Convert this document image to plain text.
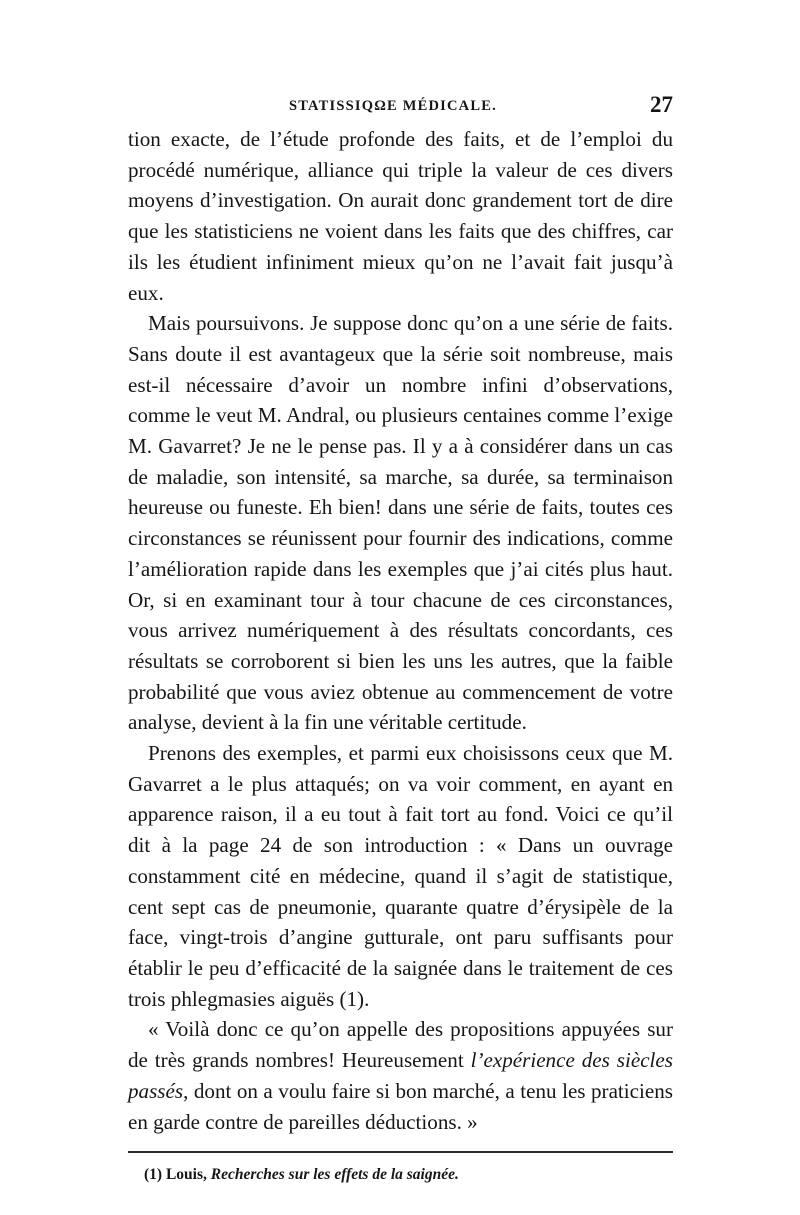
STATISSIQΩE MÉDICALE.	27

tion exacte, de l’étude profonde des faits, et de l’emploi du procédé numérique, alliance qui triple la valeur de ces divers moyens d’investigation. On aurait donc grandement tort de dire que les statisticiens ne voient dans les faits que des chiffres, car ils les étudient infiniment mieux qu’on ne l’avait fait jusqu’à eux.

Mais poursuivons. Je suppose donc qu’on a une série de faits. Sans doute il est avantageux que la série soit nombreuse, mais est-il nécessaire d’avoir un nombre infini d’observations, comme le veut M. Andral, ou plusieurs centaines comme l’exige M. Gavarret? Je ne le pense pas. Il y a à considérer dans un cas de maladie, son intensité, sa marche, sa durée, sa terminaison heureuse ou funeste. Eh bien! dans une série de faits, toutes ces circonstances se réunissent pour fournir des indications, comme l’amélioration rapide dans les exemples que j’ai cités plus haut. Or, si en examinant tour à tour chacune de ces circonstances, vous arrivez numériquement à des résultats concordants, ces résultats se corroborent si bien les uns les autres, que la faible probabilité que vous aviez obtenue au commencement de votre analyse, devient à la fin une véritable certitude.

Prenons des exemples, et parmi eux choisissons ceux que M. Gavarret a le plus attaqués; on va voir comment, en ayant en apparence raison, il a eu tout à fait tort au fond. Voici ce qu’il dit à la page 24 de son introduction : « Dans un ouvrage constamment cité en médecine, quand il s’agit de statistique, cent sept cas de pneumonie, quarante quatre d’érysipèle de la face, vingt-trois d’angine gutturale, ont paru suffisants pour établir le peu d’efficacité de la saignée dans le traitement de ces trois phlegmasies aiguës (1).

« Voilà donc ce qu’on appelle des propositions appuyées sur de très grands nombres! Heureusement l’expérience des siècles passés, dont on a voulu faire si bon marché, a tenu les praticiens en garde contre de pareilles déductions. »

(1) Louis, Recherches sur les effets de la saignée.
